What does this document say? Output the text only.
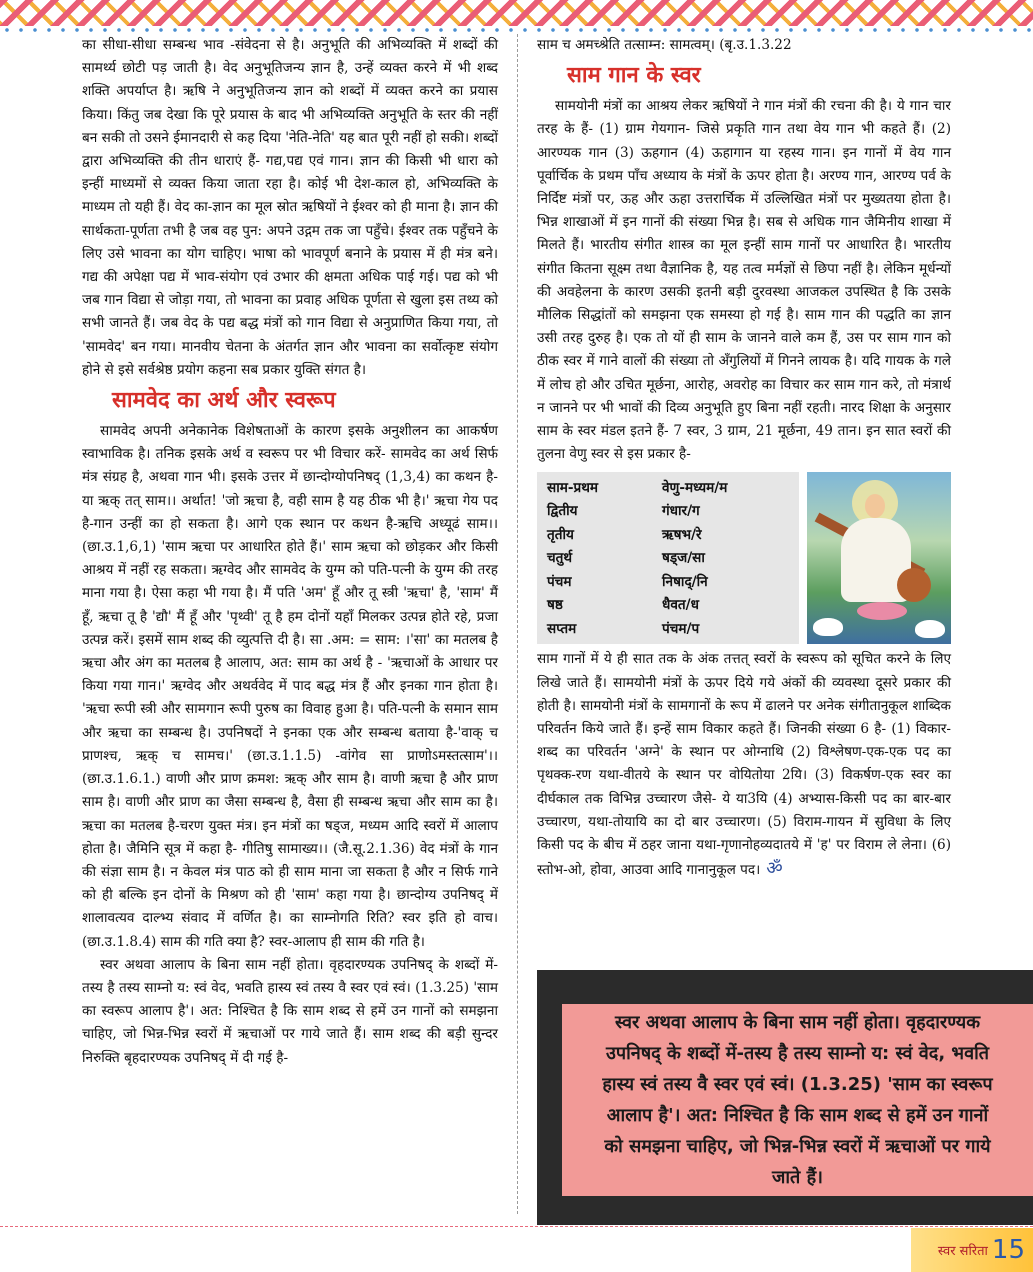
का सीधा-सीधा सम्बन्ध भाव -संवेदना से है। अनुभूति की अभिव्यक्ति में शब्दों की सामर्थ्य छोटी पड़ जाती है। वेद अनुभूतिजन्य ज्ञान है, उन्हें व्यक्त करने में भी शब्द शक्ति अपर्याप्त है। ऋषि ने अनुभूतिजन्य ज्ञान को शब्दों में व्यक्त करने का प्रयास किया। किंतु जब देखा कि पूरे प्रयास के बाद भी अभिव्यक्ति अनुभूति के स्तर की नहीं बन सकी तो उसने ईमानदारी से कह दिया 'नेति-नेति' यह बात पूरी नहीं हो सकी। शब्दों द्वारा अभिव्यक्ति की तीन धाराएं हैं- गद्य,पद्य एवं गान। ज्ञान की किसी भी धारा को इन्हीं माध्यमों से व्यक्त किया जाता रहा है। कोई भी देश-काल हो, अभिव्यक्ति के माध्यम तो यही हैं। वेद का-ज्ञान का मूल स्रोत ऋषियों ने ईश्वर को ही माना है। ज्ञान की सार्थकता-पूर्णता तभी है जब वह पुन: अपने उद्गम तक जा पहुँचे। ईश्वर तक पहुँचने के लिए उसे भावना का योग चाहिए। भाषा को भावपूर्ण बनाने के प्रयास में ही मंत्र बने। गद्य की अपेक्षा पद्य में भाव-संयोग एवं उभार की क्षमता अधिक पाई गई। पद्य को भी जब गान विद्या से जोड़ा गया, तो भावना का प्रवाह अधिक पूर्णता से खुला इस तथ्य को सभी जानते हैं। जब वेद के पद्य बद्ध मंत्रों को गान विद्या से अनुप्राणित किया गया, तो 'सामवेद' बन गया। मानवीय चेतना के अंतर्गत ज्ञान और भावना का सर्वोत्कृष्ट संयोग होने से इसे सर्वश्रेष्ठ प्रयोग कहना सब प्रकार युक्ति संगत है।

सामवेद का अर्थ और स्वरूप

सामवेद अपनी अनेकानेक विशेषताओं के कारण इसके अनुशीलन का आकर्षण स्वाभाविक है। तनिक इसके अर्थ व स्वरूप पर भी विचार करें- सामवेद का अर्थ सिर्फ मंत्र संग्रह है, अथवा गान भी। इसके उत्तर में छान्दोग्योपनिषद् (1,3,4) का कथन है- या ऋक् तत् साम।। अर्थात! 'जो ऋचा है, वही साम है यह ठीक भी है।' ऋचा गेय पद है-गान उन्हीं का हो सकता है। आगे एक स्थान पर कथन है-ऋचि अध्यूढं साम।। (छा.उ.1,6,1) 'साम ऋचा पर आधारित होते हैं।' साम ऋचा को छोड़कर और किसी आश्रय में नहीं रह सकता। ऋग्वेद और सामवेद के युग्म को पति-पत्नी के युग्म की तरह माना गया है। ऐसा कहा भी गया है। मैं पति 'अम' हूँ और तू स्त्री 'ऋचा' है, 'साम' मैं हूँ, ऋचा तू है 'द्यौ' मैं हूँ और 'पृथ्वी' तू है हम दोनों यहाँ मिलकर उत्पन्न होते रहे, प्रजा उत्पन्न करें। इसमें साम शब्द की व्युत्पत्ति दी है। सा .अम: = साम: ।'सा' का मतलब है ऋचा और अंग का मतलब है आलाप, अत: साम का अर्थ है - 'ऋचाओं के आधार पर किया गया गान।' ऋग्वेद और अथर्ववेद में पाद बद्ध मंत्र हैं और इनका गान होता है। 'ऋचा रूपी स्त्री और सामगान रूपी पुरुष का विवाह हुआ है। पति-पत्नी के समान साम और ऋचा का सम्बन्ध है। उपनिषदों ने इनका एक और सम्बन्ध बताया है-'वाक् च प्राणश्च, ऋक् च सामच।' (छा.उ.1.1.5) -वांगेव सा प्राणोऽमस्तत्साम'।। (छा.उ.1.6.1.) वाणी और प्राण क्रमश: ऋक् और साम है। वाणी ऋचा है और प्राण साम है। वाणी और प्राण का जैसा सम्बन्ध है, वैसा ही सम्बन्ध ऋचा और साम का है। ऋचा का मतलब है-चरण युक्त मंत्र। इन मंत्रों का षड्ज, मध्यम आदि स्वरों में आलाप होता है। जैमिनि सूत्र में कहा है- गीतिषु सामाख्य।। (जै.सू.2.1.36) वेद मंत्रों के गान की संज्ञा साम है। न केवल मंत्र पाठ को ही साम माना जा सकता है और न सिर्फ गाने को ही बल्कि इन दोनों के मिश्रण को ही 'साम' कहा गया है। छान्दोग्य उपनिषद् में शालावत्यव दाल्भ्य संवाद में वर्णित है। का साम्नोगति रिति? स्वर इति हो वाच। (छा.उ.1.8.4) साम की गति क्या है? स्वर-आलाप ही साम की गति है।

स्वर अथवा आलाप के बिना साम नहीं होता। वृहदारण्यक उपनिषद् के शब्दों में-तस्य है तस्य साम्नो य: स्वं वेद, भवति हास्य स्वं तस्य वै स्वर एवं स्वं। (1.3.25) 'साम का स्वरूप आलाप है'। अत: निश्चित है कि साम शब्द से हमें उन गानों को समझना चाहिए, जो भिन्न-भिन्न स्वरों में ऋचाओं पर गाये जाते हैं। साम शब्द की बड़ी सुन्दर निरुक्ति बृहदारण्यक उपनिषद् में दी गई है-

साम च अमच्श्रेति तत्साम्न: सामत्वम्। (बृ.उ.1.3.22

साम गान के स्वर

सामयोनी मंत्रों का आश्रय लेकर ऋषियों ने गान मंत्रों की रचना की है। ये गान चार तरह के हैं- (1) ग्राम गेयगान- जिसे प्रकृति गान तथा वेय गान भी कहते हैं। (2) आरण्यक गान (3) ऊहगान (4) ऊहागान या रहस्य गान। इन गानों में वेय गान पूर्वार्चिक के प्रथम पाँच अध्याय के मंत्रों के ऊपर होता है। अरण्य गान, आरण्य पर्व के निर्दिष्ट मंत्रों पर, ऊह और ऊहा उत्तरार्चिक में उल्लिखित मंत्रों पर मुख्यतया होता है। भिन्न शाखाओं में इन गानों की संख्या भिन्न है। सब से अधिक गान जैमिनीय शाखा में मिलते हैं। भारतीय संगीत शास्त्र का मूल इन्हीं साम गानों पर आधारित है। भारतीय संगीत कितना सूक्ष्म तथा वैज्ञानिक है, यह तत्व मर्मज्ञों से छिपा नहीं है। लेकिन मूर्धन्यों की अवहेलना के कारण उसकी इतनी बड़ी दुरवस्था आजकल उपस्थित है कि उसके मौलिक सिद्धांतों को समझना एक समस्या हो गई है। साम गान की पद्धति का ज्ञान उसी तरह दुरुह है। एक तो यों ही साम के जानने वाले कम हैं, उस पर साम गान को ठीक स्वर में गाने वालों की संख्या तो अँगुलियों में गिनने लायक है। यदि गायक के गले में लोच हो और उचित मूर्छना, आरोह, अवरोह का विचार कर साम गान करे, तो मंत्रार्थ न जानने पर भी भावों की दिव्य अनुभूति हुए बिना नहीं रहती। नारद शिक्षा के अनुसार साम के स्वर मंडल इतने हैं- 7 स्वर, 3 ग्राम, 21 मूर्छना, 49 तान। इन सात स्वरों की तुलना वेणु स्वर से इस प्रकार है-

साम-प्रथम	वेणु-मध्यम/म
द्वितीय	गंधार/ग
तृतीय	ऋषभ/रे
चतुर्थ	षड्ज/सा
पंचम	निषाद्/नि
षष्ठ	धैवत/ध
सप्तम	पंचम/प

साम गानों में ये ही सात तक के अंक तत्तत् स्वरों के स्वरूप को सूचित करने के लिए लिखे जाते हैं। सामयोनी मंत्रों के ऊपर दिये गये अंकों की व्यवस्था दूसरे प्रकार की होती है। सामयोनी मंत्रों के सामगानों के रूप में ढालने पर अनेक संगीतानुकूल शाब्दिक परिवर्तन किये जाते हैं। इन्हें साम विकार कहते हैं। जिनकी संख्या 6 है- (1) विकार-शब्द का परिवर्तन 'अग्ने' के स्थान पर ओग्नाथि (2) विश्लेषण-एक-एक पद का पृथक्क-रण यथा-वीतये के स्थान पर वोयितोया 2यि। (3) विकर्षण-एक स्वर का दीर्घकाल तक विभिन्न उच्चारण जैसे- ये या3यि (4) अभ्यास-किसी पद का बार-बार उच्चारण, यथा-तोयायि का दो बार उच्चारण। (5) विराम-गायन में सुविधा के लिए किसी पद के बीच में ठहर जाना यथा-गृणानोहव्यदातये में 'ह' पर विराम ले लेना। (6) स्तोभ-ओ, होवा, आउवा आदि गानानुकूल पद। ॐ

स्वर अथवा आलाप के बिना साम नहीं होता। वृहदारण्यक उपनिषद् के शब्दों में-तस्य है तस्य साम्नो य: स्वं वेद, भवति हास्य स्वं तस्य वै स्वर एवं स्वं। (1.3.25) 'साम का स्वरूप आलाप है'। अत: निश्चित है कि साम शब्द से हमें उन गानों को समझना चाहिए, जो भिन्न-भिन्न स्वरों में ऋचाओं पर गाये जाते हैं।
स्वर सरिता 15
